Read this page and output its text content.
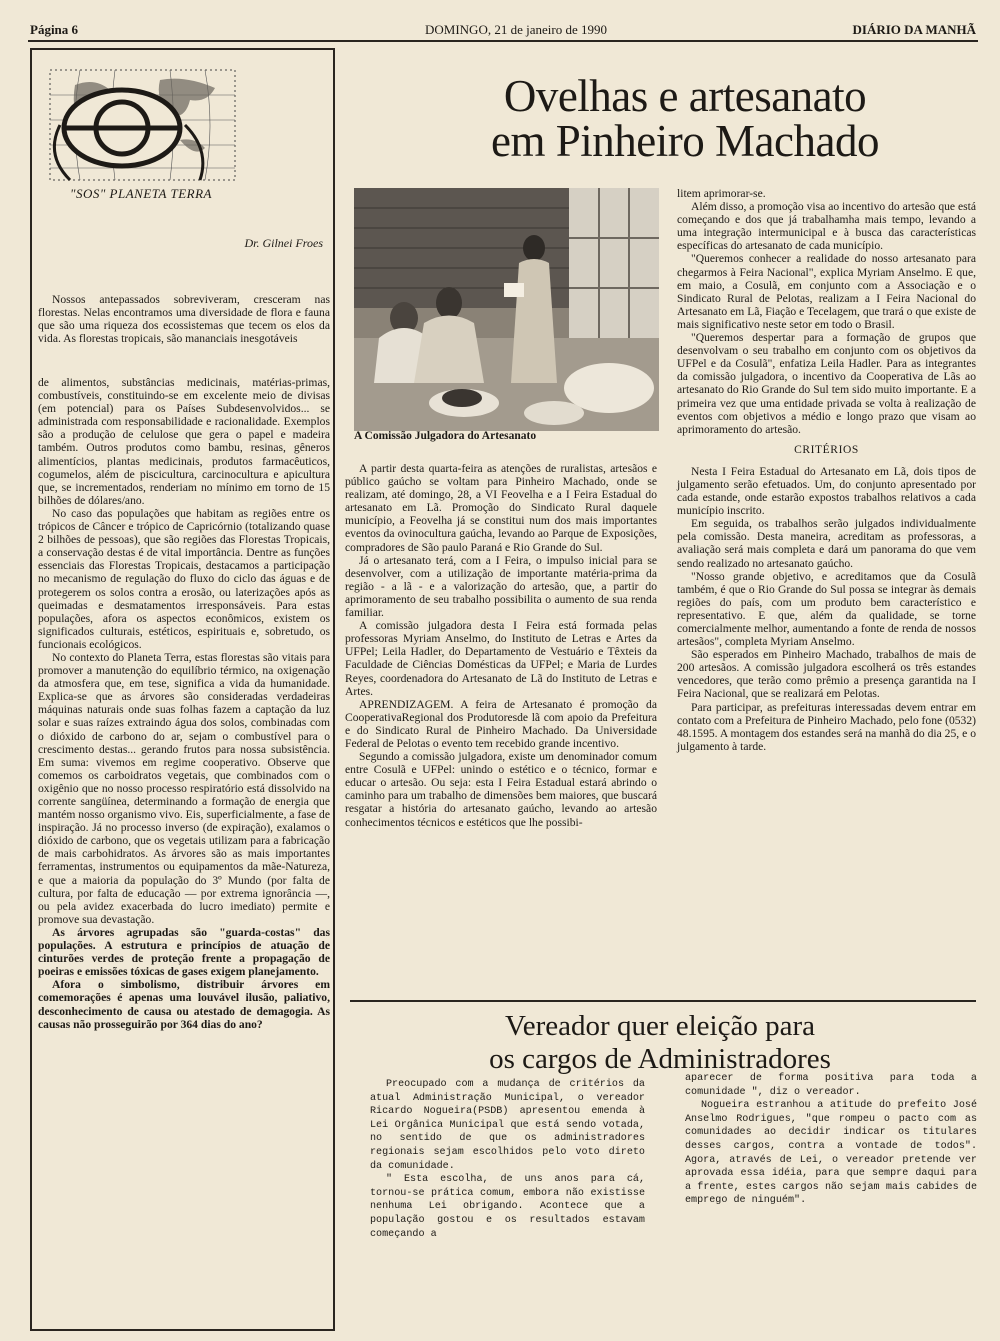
Página 6	DOMINGO, 21 de janeiro de 1990	DIÁRIO DA MANHÃ
"SOS" PLANETA TERRA
Dr. Gilnei Froes

Nossos antepassados sobreviveram, cresceram nas florestas. Nelas encontramos uma diversidade de flora e fauna que são uma riqueza dos ecossistemas que tecem os elos da vida. As florestas tropicais, são mananciais inesgotáveis

de alimentos, substâncias medicinais, matérias-primas, combustíveis, constituindo-se em excelente meio de divisas (em potencial) para os Países Subdesenvolvidos... se administrada com responsabilidade e racionalidade. Exemplos são a produção de celulose que gera o papel e madeira também. Outros produtos como bambu, resinas, gêneros alimentícios, plantas medicinais, produtos farmacêuticos, cogumelos, além de piscicultura, carcinocultura e apicultura que, se incrementados, renderiam no mínimo em torno de 15 bilhões de dólares/ano.

No caso das populações que habitam as regiões entre os trópicos de Câncer e trópico de Capricórnio (totalizando quase 2 bilhões de pessoas), que são regiões das Florestas Tropicais, a conservação destas é de vital importância. Dentre as funções essenciais das Florestas Tropicais, destacamos a participação no mecanismo de regulação do fluxo do ciclo das águas e de protegerem os solos contra a erosão, ou laterizações após as queimadas e desmatamentos irresponsáveis. Para estas populações, afora os aspectos econômicos, existem os significados culturais, estéticos, espirituais e, sobretudo, os funcionais ecológicos.

No contexto do Planeta Terra, estas florestas são vitais para promover a manutenção do equilíbrio térmico, na oxigenação da atmosfera que, em tese, significa a vida da humanidade. Explica-se que as árvores são consideradas verdadeiras máquinas naturais onde suas folhas fazem a captação da luz solar e suas raízes extraindo água dos solos, combinadas com o dióxido de carbono do ar, sejam o combustível para o crescimento destas... gerando frutos para nossa subsistência. Em suma: vivemos em regime cooperativo. Observe que comemos os carboidratos vegetais, que combinados com o oxigênio que no nosso processo respiratório está dissolvido na corrente sangüínea, determinando a formação de energia que mantém nosso organismo vivo. Eis, superficialmente, a fase de inspiração. Já no processo inverso (de expiração), exalamos o dióxido de carbono, que os vegetais utilizam para a fabricação de mais carbohidratos. As árvores são as mais importantes ferramentas, instrumentos ou equipamentos da mãe-Natureza, e que a maioria da população do 3º Mundo (por falta de cultura, por falta de educação — por extrema ignorância —, ou pela avidez exacerbada do lucro imediato) permite e promove sua devastação.

As árvores agrupadas são "guarda-costas" das populações. A estrutura e princípios de atuação de cinturões verdes de proteção frente a propagação de poeiras e emissões tóxicas de gases exigem planejamento.

Afora o simbolismo, distribuir árvores em comemorações é apenas uma louvável ilusão, paliativo, desconhecimento de causa ou atestado de demagogia. As causas não prosseguirão por 364 dias do ano?

Ovelhas e artesanato
em Pinheiro Machado
A Comissão Julgadora do Artesanato

A partir desta quarta-feira as atenções de ruralistas, artesãos e público gaúcho se voltam para Pinheiro Machado, onde se realizam, até domingo, 28, a VI Feovelha e a I Feira Estadual do artesanato em Lã. Promoção do Sindicato Rural daquele município, a Feovelha já se constitui num dos mais importantes eventos da ovinocultura gaúcha, levando ao Parque de Exposições, compradores de São paulo Paraná e Rio Grande do Sul.

Já o artesanato terá, com a I Feira, o impulso inicial para se desenvolver, com a utilização de importante matéria-prima da região - a lã - e a valorização do artesão, que, a partir do aprimoramento de seu trabalho possibilita o aumento de sua renda familiar.

A comissão julgadora desta I Feira está formada pelas professoras Myriam Anselmo, do Instituto de Letras e Artes da UFPel; Leila Hadler, do Departamento de Vestuário e Têxteis da Faculdade de Ciências Domésticas da UFPel; e Maria de Lurdes Reyes, coordenadora do Artesanato de Lã do Instituto de Letras e Artes.

APRENDIZAGEM. A feira de Artesanato é promoção da CooperativaRegional dos Produtoresde lã com apoio da Prefeitura e do Sindicato Rural de Pinheiro Machado. Da Universidade Federal de Pelotas o evento tem recebido grande incentivo.

Segundo a comissão julgadora, existe um denominador comum entre Cosulã e UFPel: unindo o estético e o técnico, formar e educar o artesão. Ou seja: esta I Feira Estadual estará abrindo o caminho para um trabalho de dimensões bem maiores, que buscará resgatar a história do artesanato gaúcho, levando ao artesão conhecimentos técnicos e estéticos que lhe possibi-

litem aprimorar-se.

Além disso, a promoção visa ao incentivo do artesão que está começando e dos que já trabalhamha mais tempo, levando a uma integração intermunicipal e à busca das características específicas do artesanato de cada município.

"Queremos conhecer a realidade do nosso artesanato para chegarmos à Feira Nacional", explica Myriam Anselmo. E que, em maio, a Cosulã, em conjunto com a Associação e o Sindicato Rural de Pelotas, realizam a I Feira Nacional do Artesanato em Lã, Fiação e Tecelagem, que trará o que existe de mais significativo neste setor em todo o Brasil.

"Queremos despertar para a formação de grupos que desenvolvam o seu trabalho em conjunto com os objetivos da UFPel e da Cosulã", enfatiza Leila Hadler. Para as integrantes da comissão julgadora, o incentivo da Cooperativa de Lãs ao artesanato do Rio Grande do Sul tem sido muito importante. E a primeira vez que uma entidade privada se volta à realização de eventos com objetivos a médio e longo prazo que visam ao aprimoramento do artesão.

CRITÉRIOS

Nesta I Feira Estadual do Artesanato em Lã, dois tipos de julgamento serão efetuados. Um, do conjunto apresentado por cada estande, onde estarão expostos trabalhos relativos a cada município inscrito.

Em seguida, os trabalhos serão julgados individualmente pela comissão. Desta maneira, acreditam as professoras, a avaliação será mais completa e dará um panorama do que vem sendo realizado no artesanato gaúcho.

"Nosso grande objetivo, e acreditamos que da Cosulã também, é que o Rio Grande do Sul possa se integrar às demais regiões do país, com um produto bem característico e representativo. E que, além da qualidade, se torne comercialmente melhor, aumentando a fonte de renda de nossos artesãos", completa Myriam Anselmo.

São esperados em Pinheiro Machado, trabalhos de mais de 200 artesãos. A comissão julgadora escolherá os três estandes vencedores, que terão como prêmio a presença garantida na I Feira Nacional, que se realizará em Pelotas.

Para participar, as prefeituras interessadas devem entrar em contato com a Prefeitura de Pinheiro Machado, pelo fone (0532) 48.1595. A montagem dos estandes será na manhã do dia 25, e o julgamento à tarde.

Vereador quer eleição para
os cargos de Administradores

Preocupado com a mudança de critérios da atual Administração Municipal, o vereador Ricardo Nogueira(PSDB) apresentou emenda à Lei Orgânica Municipal que está sendo votada, no sentido de que os administradores regionais sejam escolhidos pelo voto direto da comunidade.

" Esta escolha, de uns anos para cá, tornou-se prática comum, embora não existisse nenhuma Lei obrigando. Acontece que a população gostou e os resultados estavam começando a

aparecer de forma positiva para toda a comunidade ", diz o vereador.

Nogueira estranhou a atitude do prefeito José Anselmo Rodrigues, "que rompeu o pacto com as comunidades ao decidir indicar os titulares desses cargos, contra a vontade de todos". Agora, através de Lei, o vereador pretende ver aprovada essa idéia, para que sempre daqui para a frente, estes cargos não sejam mais cabides de emprego de ninguém".
